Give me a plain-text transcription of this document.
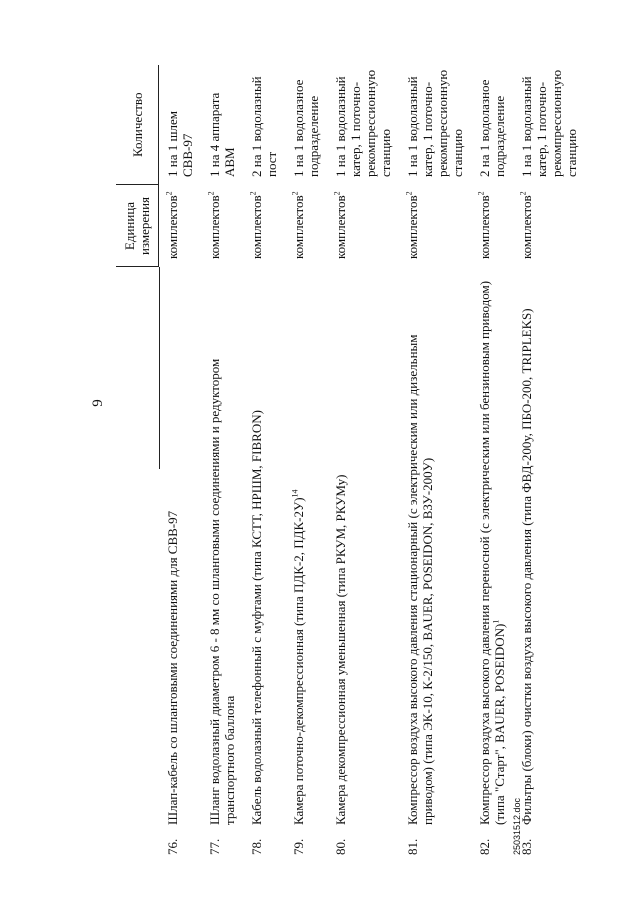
9
	Единица измерения	Количество
76.Шлап-кабель со шланговыми соединениями для СВВ-97	комплектов$^2$	1 на 1 шлем СВВ-97
77.Шланг водолазный диаметром 6 - 8 мм со шланговыми соединениями и редуктором транспортного баллона	комплектов$^2$	1 на 4 аппарата АВМ
78.Кабель водолазный телефонный с муфтами (типа КСТТ, НРШМ, FIBRON)	комплектов$^2$	2 на 1 водолазный пост
79.Камера поточно-декомпрессионная (типа ПДК-2, ПДК-2У)$^{14}$	комплектов$^2$	1 на 1 водолазное подразделение
80.Камера декомпрессионная уменьшенная (типа РКУМ, РКУМу)	комплектов$^2$	1 на 1 водолазный катер, 1 поточно-рекомпрессионную станцию
81.Компрессор воздуха высокого давления стационарный (с электрическим или дизельным приводом) (типа ЭК-10, К-2/150, BAUER, POSEIDON, ВЗУ-200У)	комплектов$^2$	1 на 1 водолазный катер, 1 поточно-рекомпрессионную станцию
82.Компрессор воздуха высокого давления переносной (с электрическим или бензиновым приводом) (типа "Старт", BAUER, POSEIDON)$^1$	комплектов$^2$	2 на 1 водолазное подразделение
83.Фильтры (блоки) очистки воздуха высокого давления (типа ФВД-200у, ПБО-200, TRIPLEKS)	комплектов$^2$	1 на 1 водолазный катер, 1 поточно-рекомпрессионную станцию
25031512.doc
